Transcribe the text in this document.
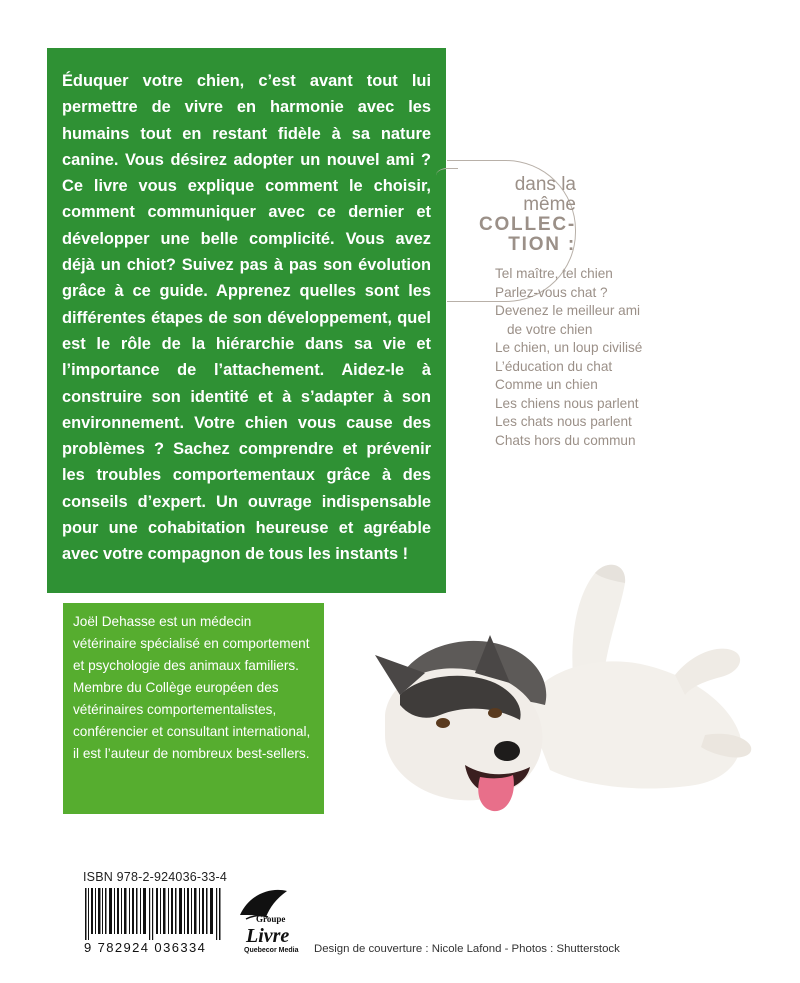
Éduquer votre chien, c’est avant tout lui permettre de vivre en harmonie avec les humains tout en restant fidèle à sa nature canine. Vous désirez adopter un nouvel ami ? Ce livre vous explique comment le choisir, comment communiquer avec ce dernier et développer une belle complicité. Vous avez déjà un chiot? Suivez pas à pas son évolution grâce à ce guide. Apprenez quelles sont les différentes étapes de son développement, quel est le rôle de la hiérarchie dans sa vie et l’importance de l’attachement. Aidez-le à construire son identité et à s’adapter à son environnement. Votre chien vous cause des problèmes ? Sachez comprendre et prévenir les troubles comportementaux grâce à des conseils d’expert. Un ouvrage indispensable pour une cohabitation heureuse et agréable avec votre compagnon de tous les instants !

Joël Dehasse est un médecin vétérinaire spécialisé en comportement et psychologie des animaux familiers. Membre du Collège européen des vétérinaires comportementalistes, conférencier et consultant international, il est l’auteur de nombreux best-sellers.

dans la
même
COLLEC-
TION :
Tel maître, tel chien
Parlez-vous chat ?
Devenez le meilleur ami
de votre chien
Le chien, un loup civilisé
L’éducation du chat
Comme un chien
Les chiens nous parlent
Les chats nous parlent
Chats hors du commun
ISBN 978-2-924036-33-4
9 782924 036334
Groupe
Livre
Quebecor Media Design de couverture : Nicole Lafond - Photos : Shutterstock
